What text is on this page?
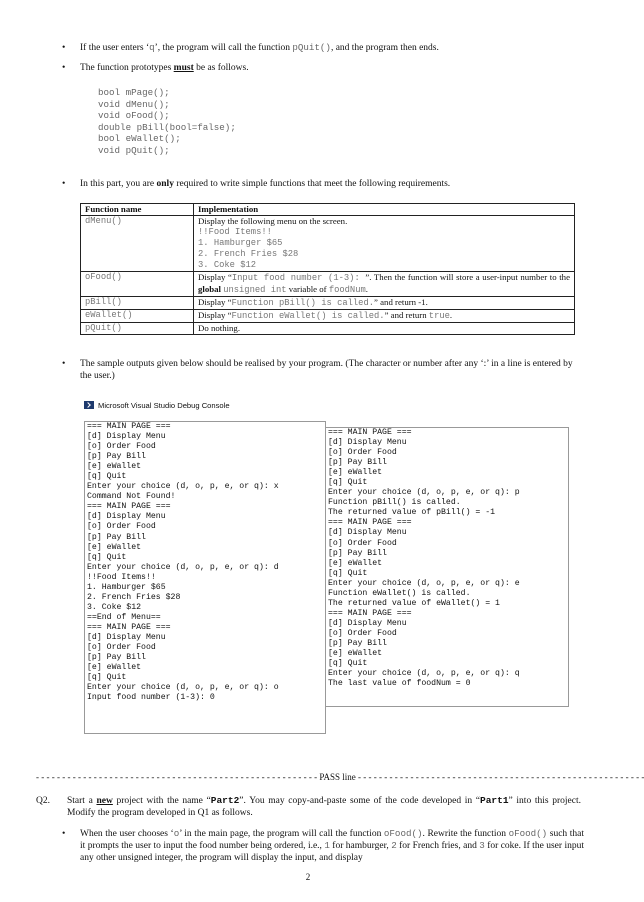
• If the user enters ‘q’, the program will call the function pQuit(), and the program then ends.
• The function prototypes must be as follows.
bool mPage();
void dMenu();
void oFood();
double pBill(bool=false);
bool eWallet();
void pQuit();
• In this part, you are only required to write simple functions that meet the following requirements.
Function name	Implementation
dMenu()	Display the following menu on the screen.
!!Food Items!!
1. Hamburger $65
2. French Fries $28
3. Coke $12

oFood()	Display “Input food number (1-3): ”. Then the function will store a user-input number to the global unsigned int variable of foodNum.
pBill()	Display “Function pBill() is called.” and return -1.
eWallet()	Display “Function eWallet() is called.” and return true.
pQuit()	Do nothing.
• The sample outputs given below should be realised by your program. (The character or number after any ‘:’ in a line is entered by the user.)
Microsoft Visual Studio Debug Console
=== MAIN PAGE ===
[d] Display Menu
[o] Order Food
[p] Pay Bill
[e] eWallet
[q] Quit
Enter your choice (d, o, p, e, or q): x
Command Not Found!
=== MAIN PAGE ===
[d] Display Menu
[o] Order Food
[p] Pay Bill
[e] eWallet
[q] Quit
Enter your choice (d, o, p, e, or q): d
!!Food Items!!
1. Hamburger $65
2. French Fries $28
3. Coke $12
==End of Menu==
=== MAIN PAGE ===
[d] Display Menu
[o] Order Food
[p] Pay Bill
[e] eWallet
[q] Quit
Enter your choice (d, o, p, e, or q): o
Input food number (1-3): 0
=== MAIN PAGE ===
[d] Display Menu
[o] Order Food
[p] Pay Bill
[e] eWallet
[q] Quit
Enter your choice (d, o, p, e, or q): p
Function pBill() is called.
The returned value of pBill() = -1
=== MAIN PAGE ===
[d] Display Menu
[o] Order Food
[p] Pay Bill
[e] eWallet
[q] Quit
Enter your choice (d, o, p, e, or q): e
Function eWallet() is called.
The returned value of eWallet() = 1
=== MAIN PAGE ===
[d] Display Menu
[o] Order Food
[p] Pay Bill
[e] eWallet
[q] Quit
Enter your choice (d, o, p, e, or q): q
The last value of foodNum = 0
- - - - - - - - - - - - - - - - - - - - - - - - - - - - - - - - - - - - - - - - - - - - - - - - - - - - - - PASS line - - - - - - - - - - - - - - - - - - - - - - - - - - - - - - - - - - - - - - - - - - - - - - - - - - - - - - -
Q2. Start a new project with the name “Part2”. You may copy-and-paste some of the code developed in “Part1” into this project. Modify the program developed in Q1 as follows.
• When the user chooses ‘o’ in the main page, the program will call the function oFood(). Rewrite the function oFood() such that it prompts the user to input the food number being ordered, i.e., 1 for hamburger, 2 for French fries, and 3 for coke. If the user input any other unsigned integer, the program will display the input, and display
2
